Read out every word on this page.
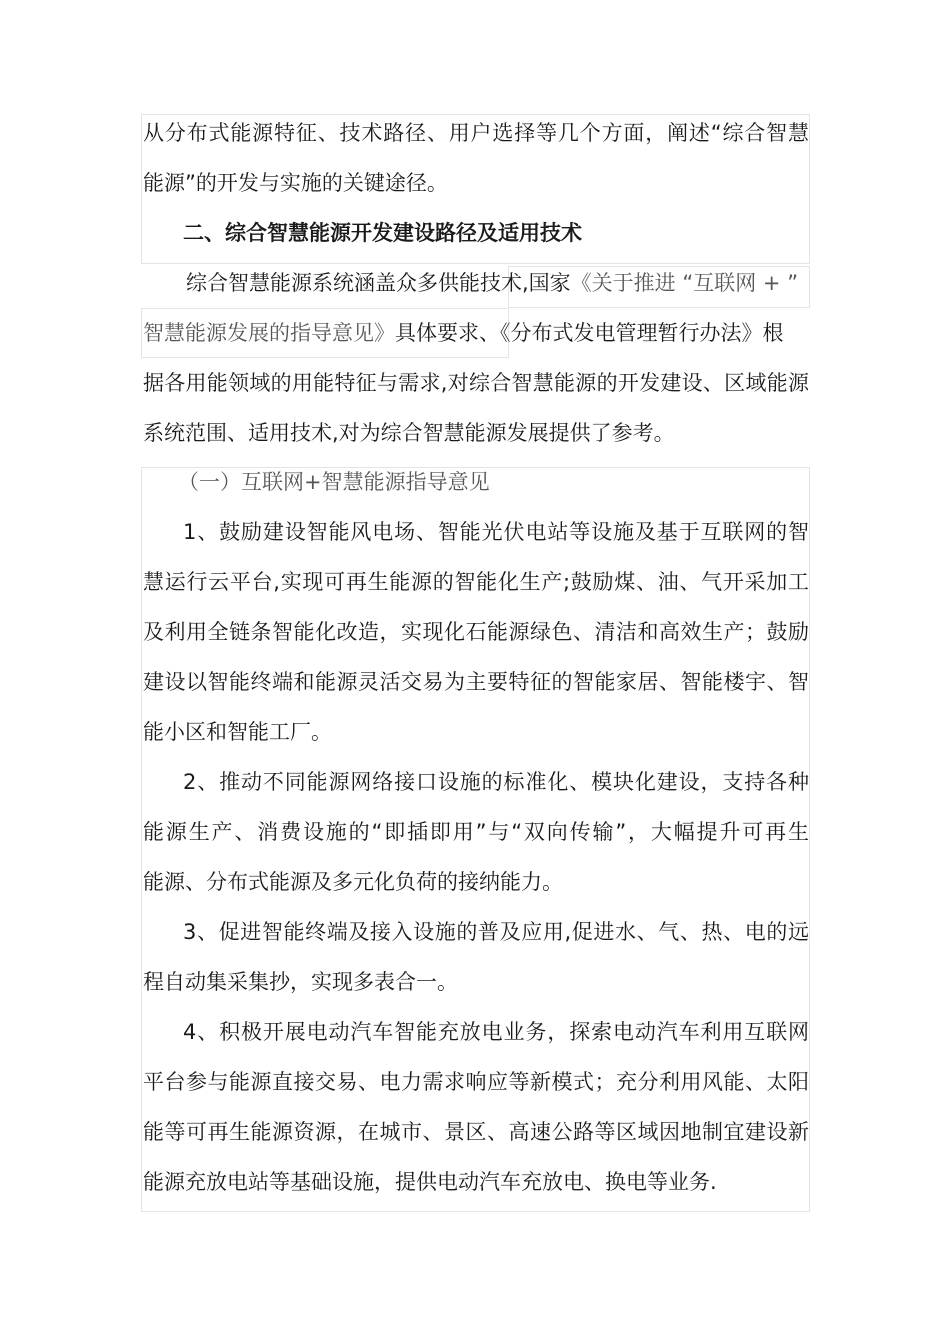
从分布式能源特征、技术路径、用户选择等几个方面，阐述“综合智慧
能源”的开发与实施的关键途径。
二、综合智慧能源开发建设路径及适用技术
综合智慧能源系统涵盖众多供能技术,国家《关于推进 “互联网 + ”
智慧能源发展的指导意见》具体要求、《分布式发电管理暂行办法》根
据各用能领域的用能特征与需求,对综合智慧能源的开发建设、区域能源
系统范围、适用技术,对为综合智慧能源发展提供了参考。
（一）互联网+智慧能源指导意见
1、鼓励建设智能风电场、智能光伏电站等设施及基于互联网的智
慧运行云平台,实现可再生能源的智能化生产;鼓励煤、油、气开采加工
及利用全链条智能化改造，实现化石能源绿色、清洁和高效生产；鼓励
建设以智能终端和能源灵活交易为主要特征的智能家居、智能楼宇、智
能小区和智能工厂。
2、推动不同能源网络接口设施的标准化、模块化建设，支持各种
能源生产、消费设施的“即插即用”与“双向传输”，大幅提升可再生
能源、分布式能源及多元化负荷的接纳能力。
3、促进智能终端及接入设施的普及应用,促进水、气、热、电的远
程自动集采集抄，实现多表合一。
4、积极开展电动汽车智能充放电业务，探索电动汽车利用互联网
平台参与能源直接交易、电力需求响应等新模式；充分利用风能、太阳
能等可再生能源资源，在城市、景区、高速公路等区域因地制宜建设新
能源充放电站等基础设施，提供电动汽车充放电、换电等业务.
